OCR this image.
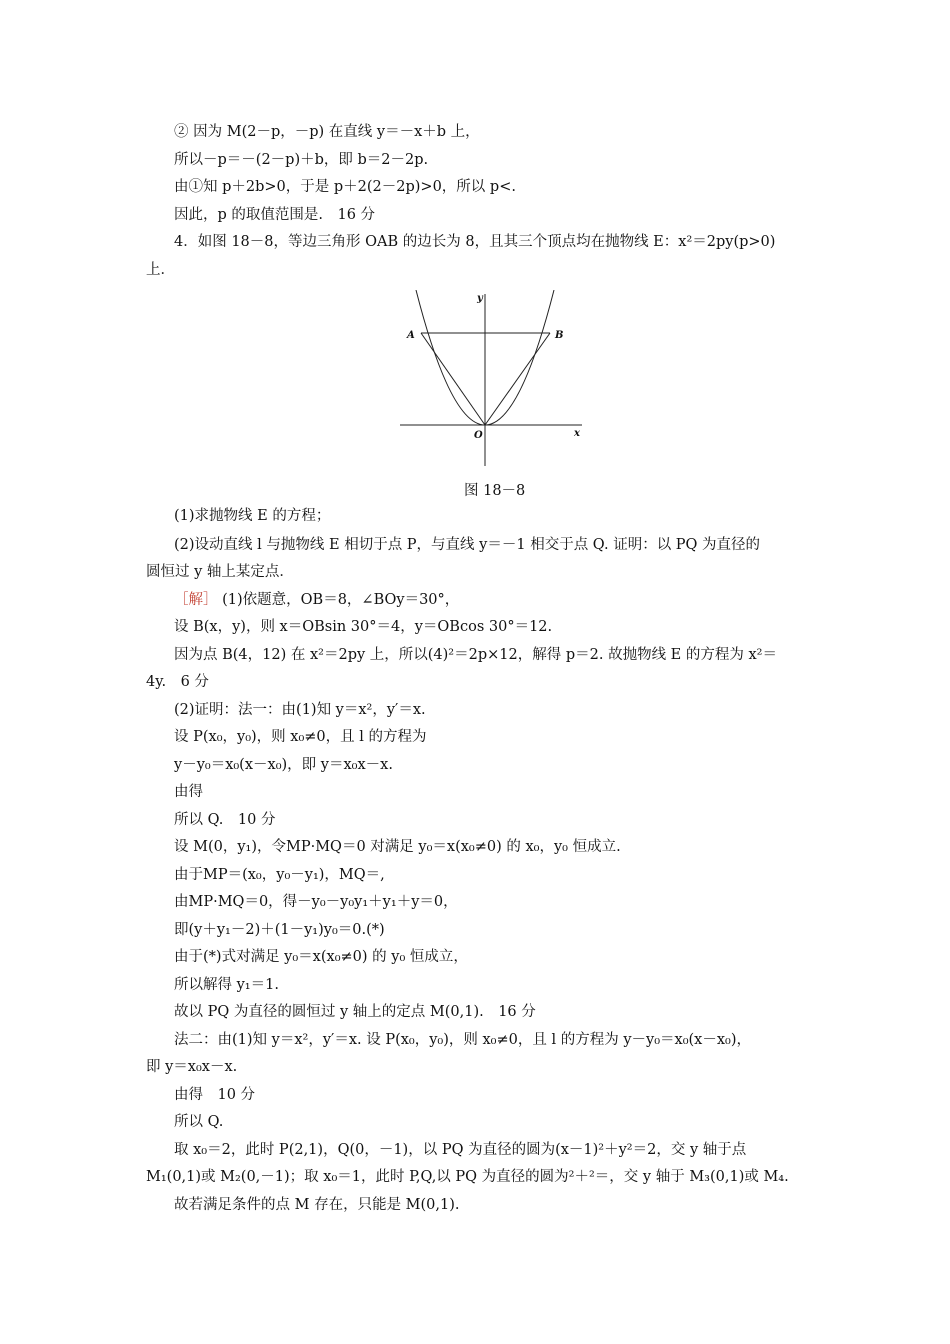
② 因为 M(2－p，－p) 在直线 y＝－x＋b 上，
所以－p＝－(2－p)＋b，即 b＝2－2p.
由①知 p＋2b>0，于是 p＋2(2－2p)>0，所以 p<.
因此，p 的取值范围是.　16 分
4．如图 18－8，等边三角形 OAB 的边长为 8，且其三个顶点均在抛物线 E：x²＝2py(p>0)
上．
y
x
A	B
O
图 18－8
(1)求抛物线 E 的方程；
(2)设动直线 l 与抛物线 E 相切于点 P，与直线 y＝－1 相交于点 Q. 证明：以 PQ 为直径的
圆恒过 y 轴上某定点．
［解］ (1)依题意，OB＝8，∠BOy＝30°，
设 B(x，y)，则 x＝OBsin 30°＝4，y＝OBcos 30°＝12.
因为点 B(4，12) 在 x²＝2py 上，所以(4)²＝2p×12，解得 p＝2. 故抛物线 E 的方程为 x²＝
4y.　6 分
(2)证明：法一：由(1)知 y＝x²，y′＝x.
设 P(x₀，y₀)，则 x₀≠0，且 l 的方程为
y－y₀＝x₀(x－x₀)，即 y＝x₀x－x.
由得
所以 Q.　10 分
设 M(0，y₁)，令MP·MQ＝0 对满足 y₀＝x(x₀≠0) 的 x₀，y₀ 恒成立.
由于MP＝(x₀，y₀－y₁)，MQ＝,
由MP·MQ＝0，得－y₀－y₀y₁＋y₁＋y＝0，
即(y＋y₁－2)＋(1－y₁)y₀＝0.(*)
由于(*)式对满足 y₀＝x(x₀≠0) 的 y₀ 恒成立，
所以解得 y₁＝1.
故以 PQ 为直径的圆恒过 y 轴上的定点 M(0,1).　16 分
法二：由(1)知 y＝x²，y′＝x. 设 P(x₀，y₀)，则 x₀≠0，且 l 的方程为 y－y₀＝x₀(x－x₀)，
即 y＝x₀x－x.
由得　10 分
所以 Q.
取 x₀＝2，此时 P(2,1)，Q(0，－1)，以 PQ 为直径的圆为(x－1)²＋y²＝2，交 y 轴于点
M₁(0,1)或 M₂(0,－1)；取 x₀＝1，此时 P,Q,以 PQ 为直径的圆为²＋²＝，交 y 轴于 M₃(0,1)或 M₄.
故若满足条件的点 M 存在，只能是 M(0,1).
